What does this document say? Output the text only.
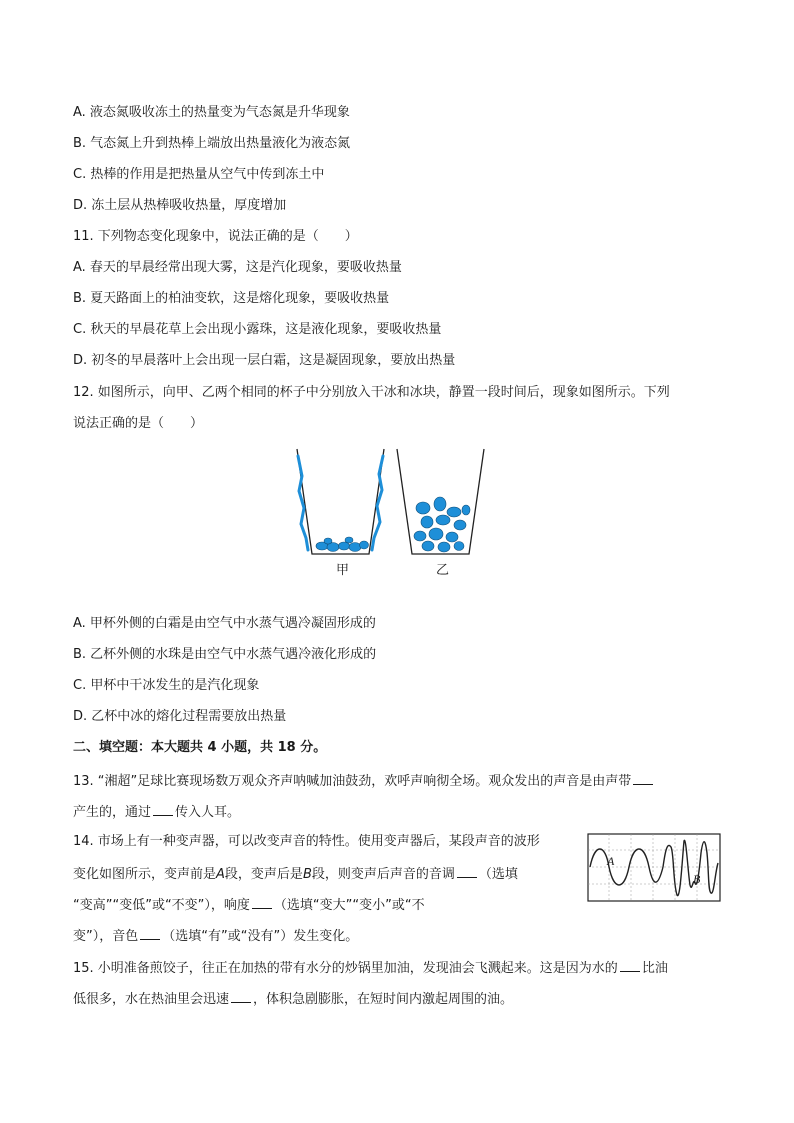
A. 液态氮吸收冻土的热量变为气态氮是升华现象
B. 气态氮上升到热棒上端放出热量液化为液态氮
C. 热棒的作用是把热量从空气中传到冻土中
D. 冻土层从热棒吸收热量，厚度增加
11. 下列物态变化现象中，说法正确的是（　　）
A. 春天的早晨经常出现大雾，这是汽化现象，要吸收热量
B. 夏天路面上的柏油变软，这是熔化现象，要吸收热量
C. 秋天的早晨花草上会出现小露珠，这是液化现象，要吸收热量
D. 初冬的早晨落叶上会出现一层白霜，这是凝固现象，要放出热量
12. 如图所示，向甲、乙两个相同的杯子中分别放入干冰和冰块，静置一段时间后，现象如图所示。下列
说法正确的是（　　）
甲	乙
A. 甲杯外侧的白霜是由空气中水蒸气遇冷凝固形成的
B. 乙杯外侧的水珠是由空气中水蒸气遇冷液化形成的
C. 甲杯中干冰发生的是汽化现象
D. 乙杯中冰的熔化过程需要放出热量
二、填空题：本大题共 4 小题，共 18 分。
13. “湘超”足球比赛现场数万观众齐声呐喊加油鼓劲，欢呼声响彻全场。观众发出的声音是由声带
产生的，通过 传入人耳。
14. 市场上有一种变声器，可以改变声音的特性。使用变声器后，某段声音的波形
变化如图所示，变声前是A段，变声后是B段，则变声后声音的音调 （选填
“变高”“变低”或“不变”），响度 （选填“变大”“变小”或“不
变”），音色 （选填“有”或“没有”）发生变化。
A
B
15. 小明准备煎饺子，往正在加热的带有水分的炒锅里加油，发现油会飞溅起来。这是因为水的 比油
低很多，水在热油里会迅速 ，体积急剧膨胀，在短时间内激起周围的油。
